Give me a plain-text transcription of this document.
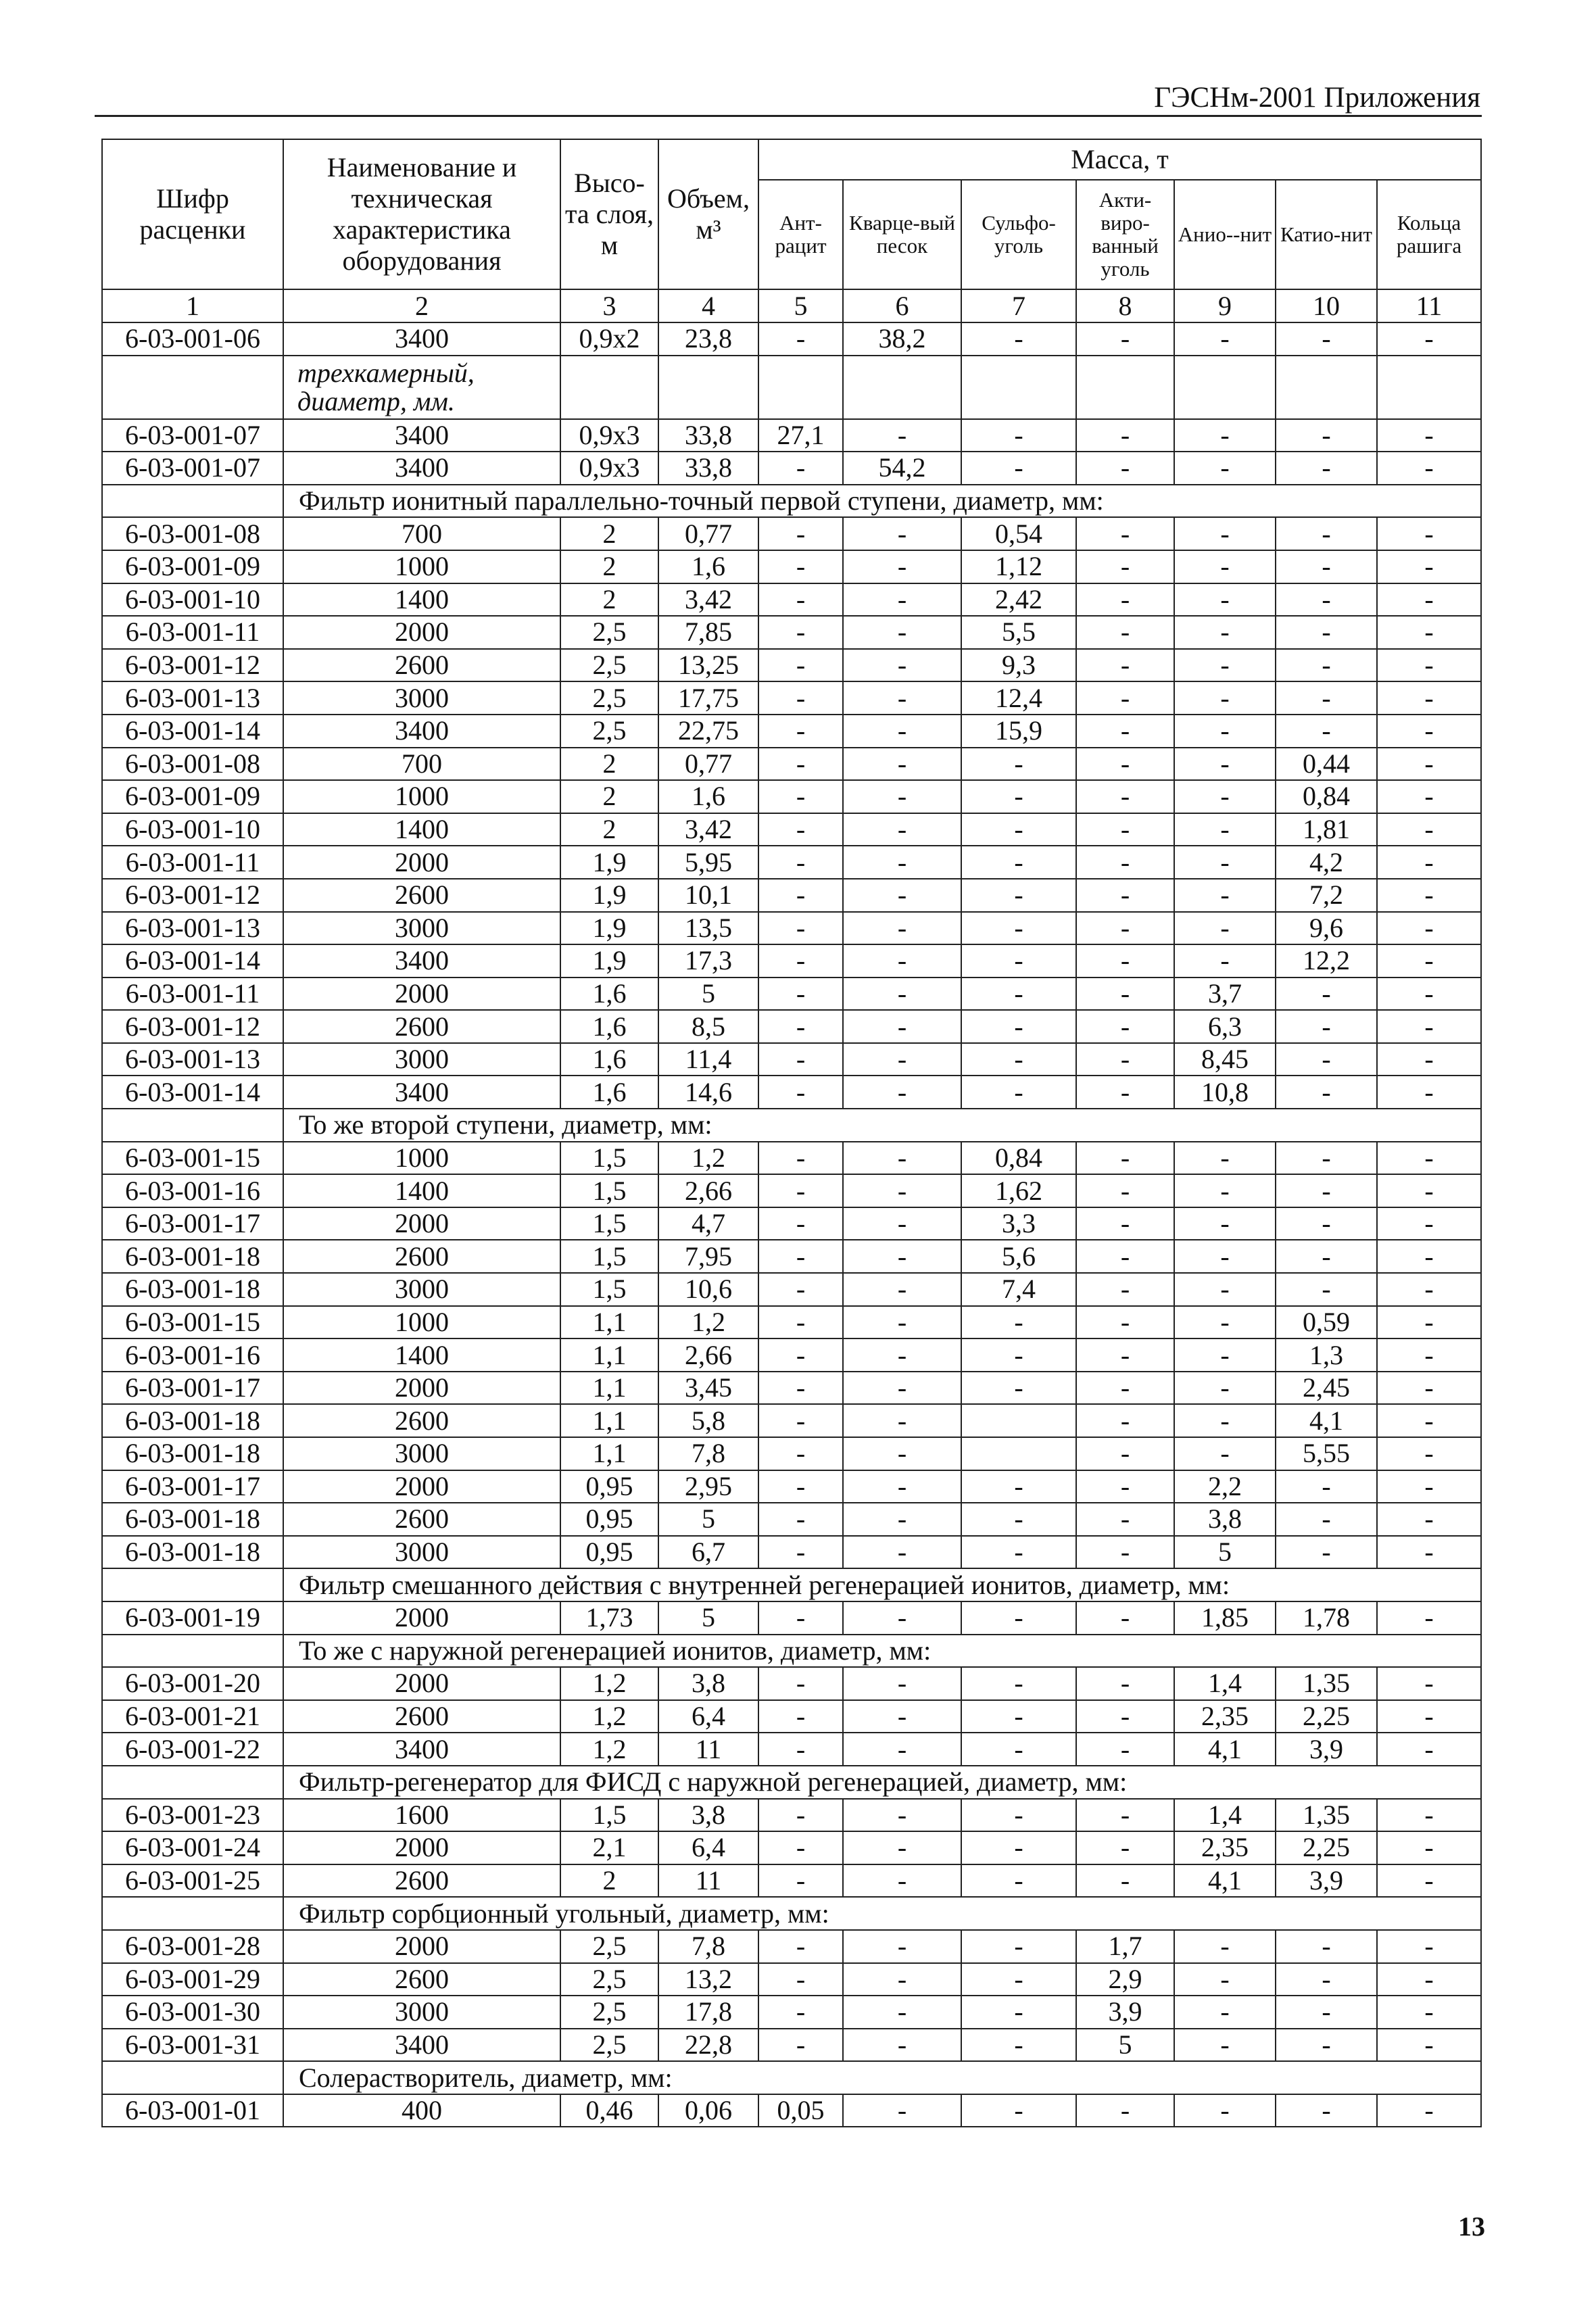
ГЭСНм-2001 Приложения
Шифр расценки	Наименование и техническая характеристика оборудования	Высо-та слоя, м	Объем, м³	Масса, т						
				Ант-рацит	Кварце-вый песок	Сульфо-уголь	Акти-виро-ванный уголь	Анио--нит	Катио-нит	Кольца рашига
1	2	3	4	5	6	7	8	9	10	11
6-03-001-06	3400	0,9x2	23,8	-	38,2	-	-	-	-	-
	трехкамерный, диаметр, мм.									
6-03-001-07	3400	0,9x3	33,8	27,1	-	-	-	-	-	-
6-03-001-07	3400	0,9x3	33,8	-	54,2	-	-	-	-	-
	Фильтр ионитный параллельно-точный первой ступени, диаметр, мм:									
6-03-001-08	700	2	0,77	-	-	0,54	-	-	-	-
6-03-001-09	1000	2	1,6	-	-	1,12	-	-	-	-
6-03-001-10	1400	2	3,42	-	-	2,42	-	-	-	-
6-03-001-11	2000	2,5	7,85	-	-	5,5	-	-	-	-
6-03-001-12	2600	2,5	13,25	-	-	9,3	-	-	-	-
6-03-001-13	3000	2,5	17,75	-	-	12,4	-	-	-	-
6-03-001-14	3400	2,5	22,75	-	-	15,9	-	-	-	-
6-03-001-08	700	2	0,77	-	-	-	-	-	0,44	-
6-03-001-09	1000	2	1,6	-	-	-	-	-	0,84	-
6-03-001-10	1400	2	3,42	-	-	-	-	-	1,81	-
6-03-001-11	2000	1,9	5,95	-	-	-	-	-	4,2	-
6-03-001-12	2600	1,9	10,1	-	-	-	-	-	7,2	-
6-03-001-13	3000	1,9	13,5	-	-	-	-	-	9,6	-
6-03-001-14	3400	1,9	17,3	-	-	-	-	-	12,2	-
6-03-001-11	2000	1,6	5	-	-	-	-	3,7	-	-
6-03-001-12	2600	1,6	8,5	-	-	-	-	6,3	-	-
6-03-001-13	3000	1,6	11,4	-	-	-	-	8,45	-	-
6-03-001-14	3400	1,6	14,6	-	-	-	-	10,8	-	-
	То же второй ступени, диаметр, мм:									
6-03-001-15	1000	1,5	1,2	-	-	0,84	-	-	-	-
6-03-001-16	1400	1,5	2,66	-	-	1,62	-	-	-	-
6-03-001-17	2000	1,5	4,7	-	-	3,3	-	-	-	-
6-03-001-18	2600	1,5	7,95	-	-	5,6	-	-	-	-
6-03-001-18	3000	1,5	10,6	-	-	7,4	-	-	-	-
6-03-001-15	1000	1,1	1,2	-	-	-	-	-	0,59	-
6-03-001-16	1400	1,1	2,66	-	-	-	-	-	1,3	-
6-03-001-17	2000	1,1	3,45	-	-	-	-	-	2,45	-
6-03-001-18	2600	1,1	5,8	-	-		-	-	4,1	-
6-03-001-18	3000	1,1	7,8	-	-		-	-	5,55	-
6-03-001-17	2000	0,95	2,95	-	-	-	-	2,2	-	-
6-03-001-18	2600	0,95	5	-	-	-	-	3,8	-	-
6-03-001-18	3000	0,95	6,7	-	-	-	-	5	-	-
	Фильтр смешанного действия с внутренней регенерацией ионитов, диаметр, мм:									
6-03-001-19	2000	1,73	5	-	-	-	-	1,85	1,78	-
	То же с наружной регенерацией ионитов, диаметр, мм:									
6-03-001-20	2000	1,2	3,8	-	-	-	-	1,4	1,35	-
6-03-001-21	2600	1,2	6,4	-	-	-	-	2,35	2,25	-
6-03-001-22	3400	1,2	11	-	-	-	-	4,1	3,9	-
	Фильтр-регенератор для ФИСД с наружной регенерацией, диаметр, мм:									
6-03-001-23	1600	1,5	3,8	-	-	-	-	1,4	1,35	-
6-03-001-24	2000	2,1	6,4	-	-	-	-	2,35	2,25	-
6-03-001-25	2600	2	11	-	-	-	-	4,1	3,9	-
	Фильтр сорбционный угольный, диаметр, мм:									
6-03-001-28	2000	2,5	7,8	-	-	-	1,7	-	-	-
6-03-001-29	2600	2,5	13,2	-	-	-	2,9	-	-	-
6-03-001-30	3000	2,5	17,8	-	-	-	3,9	-	-	-
6-03-001-31	3400	2,5	22,8	-	-	-	5	-	-	-
	Солерастворитель, диаметр, мм:									
6-03-001-01	400	0,46	0,06	0,05	-	-	-	-	-	-
13
